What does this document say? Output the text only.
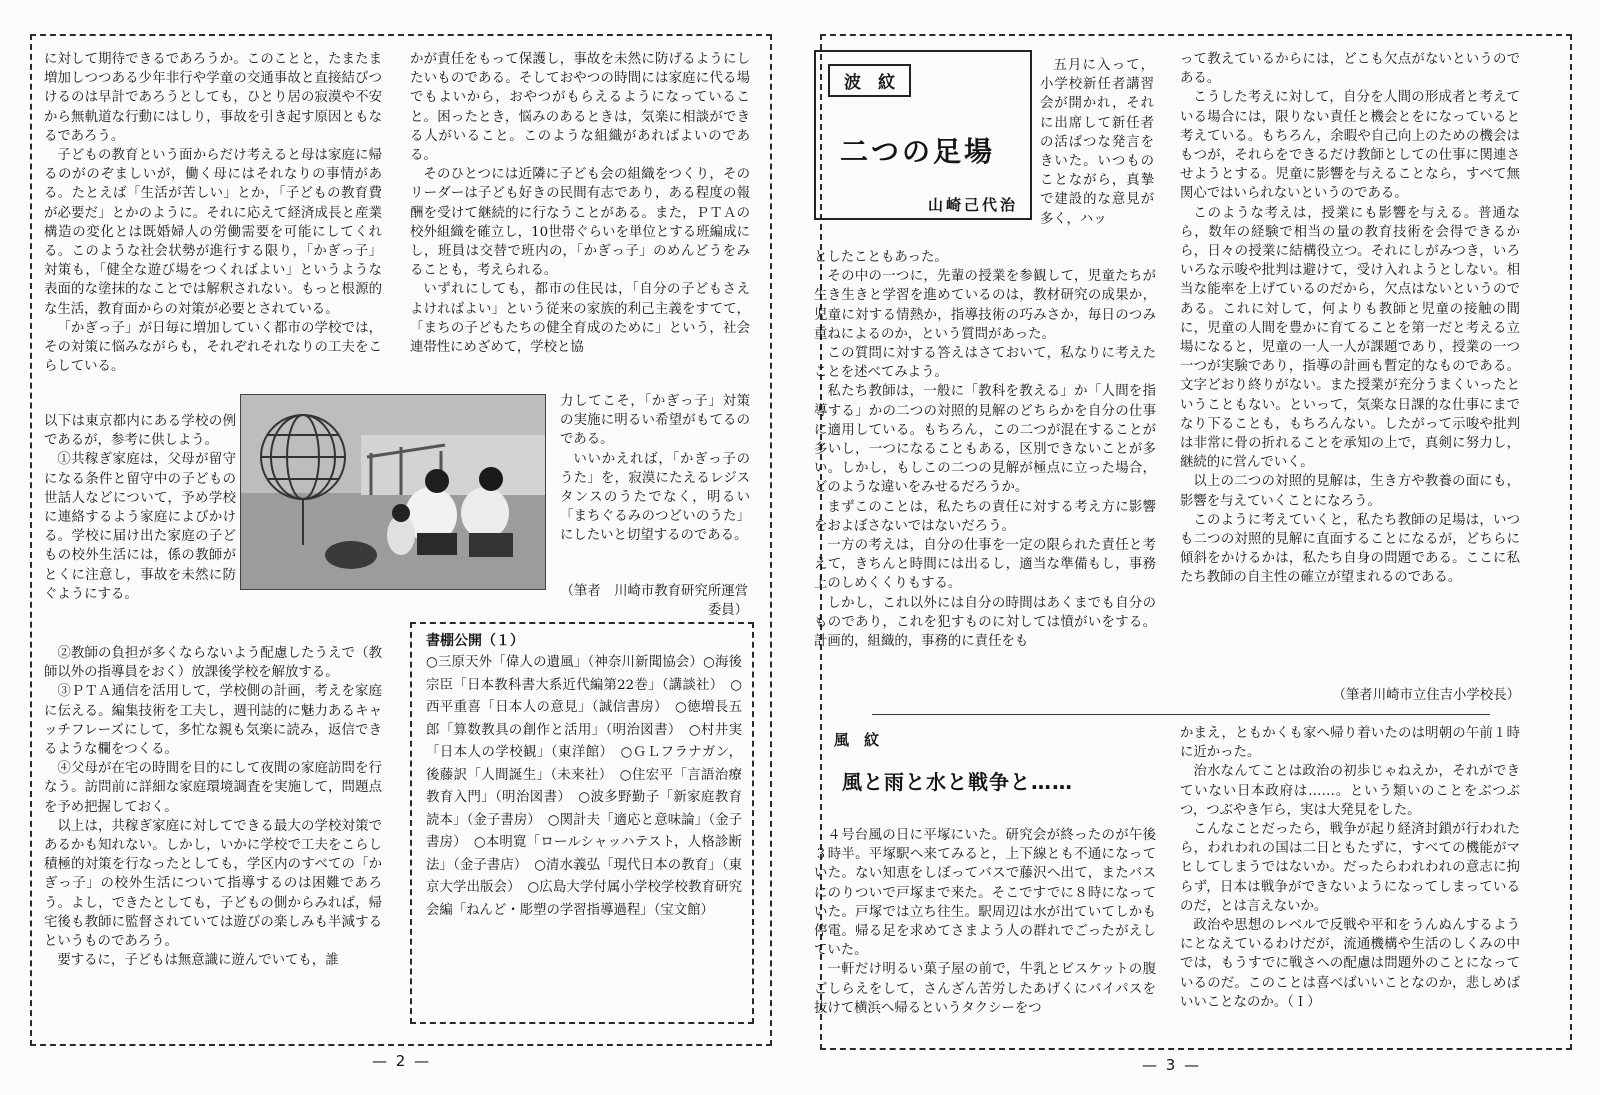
に対して期待できるであろうか。このことと，たまたま増加しつつある少年非行や学童の交通事故と直接結びつけるのは早計であろうとしても，ひとり居の寂漠や不安から無軌道な行動にはしり，事故を引き起す原因ともなるであろう。

子どもの教育という面からだけ考えると母は家庭に帰るのがのぞましいが，働く母にはそれなりの事情がある。たとえば「生活が苦しい」とか，「子どもの教育費が必要だ」とかのように。それに応えて経済成長と産業構造の変化とは既婚婦人の労働需要を可能にしてくれる。このような社会状勢が進行する限り，「かぎっ子」対策も，「健全な遊び場をつくればよい」というような表面的な塗抹的なことでは解釈されない。もっと根源的な生活，教育面からの対策が必要とされている。

「かぎっ子」が日毎に増加していく都市の学校では，その対策に悩みながらも，それぞれそれなりの工夫をこらしている。

以下は東京都内にある学校の例であるが，参考に供しよう。

①共稼ぎ家庭は，父母が留守になる条件と留守中の子どもの世話人などについて，予め学校に連絡するよう家庭によびかける。学校に届け出た家庭の子どもの校外生活には，係の教師がとくに注意し，事故を未然に防ぐようにする。

②教師の負担が多くならないよう配慮したうえで（教師以外の指導員をおく）放課後学校を解放する。

③ＰＴＡ通信を活用して，学校側の計画，考えを家庭に伝える。編集技術を工夫し，週刊誌的に魅力あるキャッチフレーズにして，多忙な親も気楽に読み，返信できるような欄をつくる。

④父母が在宅の時間を目的にして夜間の家庭訪問を行なう。訪問前に詳細な家庭環境調査を実施して，問題点を予め把握しておく。

以上は，共稼ぎ家庭に対してできる最大の学校対策であるかも知れない。しかし，いかに学校で工夫をこらし積極的対策を行なったとしても，学区内のすべての「かぎっ子」の校外生活について指導するのは困難であろう。よし，できたとしても，子どもの側からみれば，帰宅後も教師に監督されていては遊びの楽しみも半減するというものであろう。

要するに，子どもは無意識に遊んでいても，誰

かが責任をもって保護し，事故を未然に防げるようにしたいものである。そしておやつの時間には家庭に代る場でもよいから，おやつがもらえるようになっていること。困ったとき，悩みのあるときは，気楽に相談ができる人がいること。このような組織があればよいのである。

そのひとつには近隣に子ども会の組織をつくり，そのリーダーは子ども好きの民間有志であり，ある程度の報酬を受けて継続的に行なうことがある。また，ＰＴＡの校外組織を確立し，10世帯ぐらいを単位とする班編成にし，班員は交替で班内の，「かぎっ子」のめんどうをみることも，考えられる。

いずれにしても，都市の住民は，「自分の子どもさえよければよい」という従来の家族的利己主義をすてて，「まちの子どもたちの健全育成のために」という，社会連帯性にめざめて，学校と協

力してこそ，「かぎっ子」対策の実施に明るい希望がもてるのである。

いいかえれば，「かぎっ子のうた」を，寂漠にたえるレジスタンスのうたでなく，明るい「まちぐるみのつどいのうた」にしたいと切望するのである。

（筆者　川崎市教育研究所運営委員）
書棚公開（１）
○三原天外「偉人の遺風」（神奈川新聞協会）○海後宗臣「日本教科書大系近代編第22巻」（講談社）　○西平重喜「日本人の意見」（誠信書房）　○徳増長五郎「算数教具の創作と活用」（明治図書）　○村井実「日本人の学校観」（東洋館）　○ＧＬフラナガン，後藤訳「人間誕生」（未来社）　○住宏平「言語治療教育入門」（明治図書）　○波多野勤子「新家庭教育読本」（金子書房）　○関計夫「適応と意味論」（金子書房）　○本明寛「ロールシャッハテスト，人格診断法」（金子書店）　○清水義弘「現代日本の教育」（東京大学出版会）　○広島大学付属小学校学校教育研究会編「ねんど・彫塑の学習指導過程」（宝文館）
— 2 —
波　紋
二つの足場
山崎己代治

五月に入って，小学校新任者講習会が開かれ，それに出席して新任者の活ばつな発言をきいた。いつものことながら，真摯で建設的な意見が多く，ハッ

としたこともあった。

その中の一つに，先輩の授業を参観して，児童たちが生き生きと学習を進めているのは，教材研究の成果か，児童に対する情熱か，指導技術の巧みさか，毎日のつみ重ねによるのか，という質問があった。

この質問に対する答えはさておいて，私なりに考えたことを述べてみよう。

私たち教師は，一般に「教科を教える」か「人間を指導する」かの二つの対照的見解のどちらかを自分の仕事に適用している。もちろん，この二つが混在することが多いし，一つになることもある，区別できないことが多い。しかし，もしこの二つの見解が極点に立った場合，どのような違いをみせるだろうか。

まずこのことは，私たちの責任に対する考え方に影響をおよぼさないではないだろう。

一方の考えは，自分の仕事を一定の限られた責任と考えて，きちんと時間には出るし，適当な準備もし，事務上のしめくくりもする。

しかし，これ以外には自分の時間はあくまでも自分のものであり，これを犯すものに対しては憤がいをする。計画的，組織的，事務的に責任をも

って教えているからには，どこも欠点がないというのである。

こうした考えに対して，自分を人間の形成者と考えている場合には，限りない責任と機会とをになっていると考えている。もちろん，余暇や自己向上のための機会はもつが，それらをできるだけ教師としての仕事に関連させようとする。児童に影響を与えることなら，すべて無関心ではいられないというのである。

このような考えは，授業にも影響を与える。普通なら，数年の経験で相当の量の教育技術を会得できるから，日々の授業に結構役立つ。それにしがみつき，いろいろな示唆や批判は避けて，受け入れようとしない。相当な能率を上げているのだから，欠点はないというのである。これに対して，何よりも教師と児童の接触の間に，児童の人間を豊かに育てることを第一だと考える立場になると，児童の一人一人が課題であり，授業の一つ一つが実験であり，指導の計画も暫定的なものである。文字どおり終りがない。また授業が充分うまくいったということもない。といって，気楽な日課的な仕事にまでなり下ることも，もちろんない。したがって示唆や批判は非常に骨の折れることを承知の上で，真剣に努力し，継続的に営んでいく。

以上の二つの対照的見解は，生き方や教養の面にも，影響を与えていくことになろう。

このように考えていくと，私たち教師の足場は，いつも二つの対照的見解に直面することになるが，どちらに傾斜をかけるかは，私たち自身の問題である。ここに私たち教師の自主性の確立が望まれるのである。

（筆者川崎市立住吉小学校長）
風　紋
風と雨と水と戦争と……

４号台風の日に平塚にいた。研究会が終ったのが午後３時半。平塚駅へ来てみると，上下線とも不通になっていた。ない知恵をしぼってバスで藤沢へ出て，またバスにのりついで戸塚まで来た。そこですでに８時になっていた。戸塚では立ち往生。駅周辺は水が出ていてしかも停電。帰る足を求めてさまよう人の群れでごったがえしていた。

一軒だけ明るい菓子屋の前で，牛乳とビスケットの腹ごしらえをして，さんざん苦労したあげくにバイパスを抜けて横浜へ帰るというタクシーをつ

かまえ，ともかくも家へ帰り着いたのは明朝の午前１時に近かった。

治水なんてことは政治の初歩じゃねえか，それができていない日本政府は……。という類いのことをぶつぶつ，つぶやき乍ら，実は大発見をした。

こんなことだったら，戦争が起り経済封鎖が行われたら，われわれの国は二日ともたずに，すべての機能がマヒしてしまうではないか。だったらわれわれの意志に拘らず，日本は戦争ができないようになってしまっているのだ，とは言えないか。

政治や思想のレベルで反戦や平和をうんぬんするようにとなえているわけだが，流通機構や生活のしくみの中では，もうすでに戦さへの配慮は問題外のことになっているのだ。このことは喜べばいいことなのか，悲しめばいいことなのか。（Ｉ）

— 3 —
